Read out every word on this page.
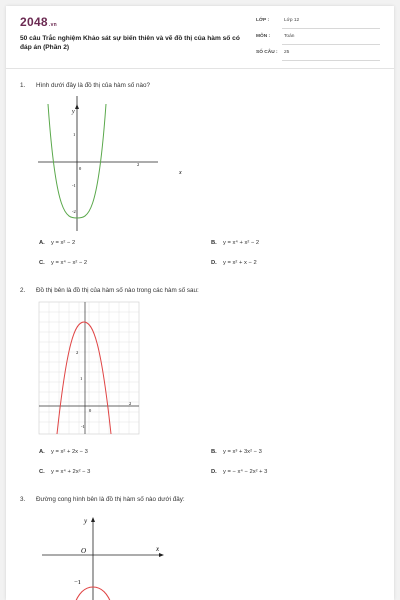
2048.vn
50 câu Trắc nghiệm Khảo sát sự biến thiên và vẽ đồ thị của hàm số có đáp án (Phần 2)
LỚP :	Lớp 12
MÔN :	Toán
SỐ CÂU : 25
1. Hình dưới đây là đồ thị của hàm số nào?
y
x
0
1
-1
-2
2
A. y = x² − 2	B. y = x⁴ + x² − 2
C. y = x⁴ − x² − 2	D. y = x² + x − 2
2. Đồ thị bên là đồ thị của hàm số nào trong các hàm số sau:
2
1
0
2
-1
A. y = x² + 2x − 3	B. y = x³ + 3x² − 3
C. y = x⁴ + 2x² − 3	D. y = − x⁴ − 2x² + 3
3. Đường cong hình bên là đồ thị hàm số nào dưới đây:
y
x
O
−1
